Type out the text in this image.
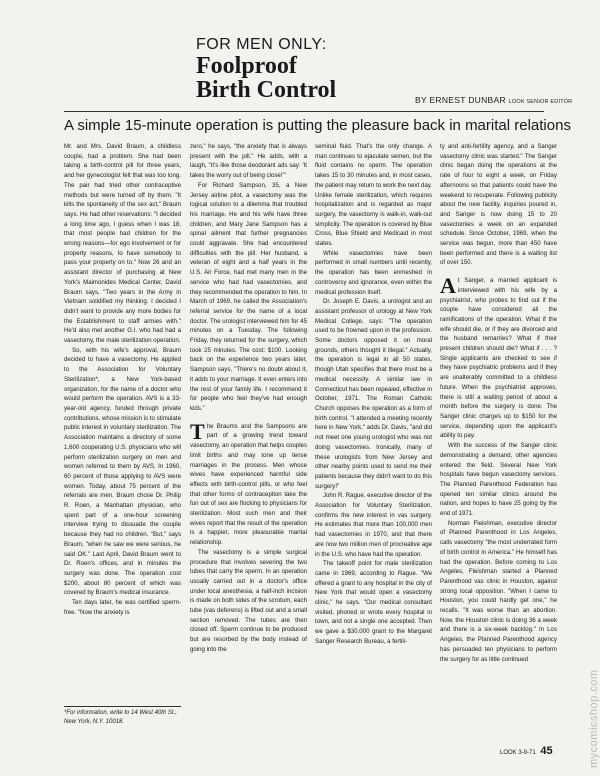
FOR MEN ONLY:
Foolproof
Birth Control	BY ERNEST DUNBAR LOOK SENIOR EDITOR
A simple 15-minute operation is putting the pleasure back in marital relations

Mr. and Mrs. David Braum, a childless couple, had a problem. She had been taking a birth-control pill for three years, and her gynecologist felt that was too long. The pair had tried other contraceptive methods but were turned off by them. "It kills the spontaneity of the sex act," Braum says. He had other reservations: "I decided a long time ago, I guess when I was 18, that most people had children for the wrong reasons—for ego involvement or for property reasons, to have somebody to pass your property on to." Now 26 and an assistant director of purchasing at New York's Maimonides Medical Center, David Braum says, "Two years in the Army in Vietnam solidified my thinking. I decided I didn't want to provide any more bodies for the Establishment to staff armies with." He'd also met another G.I. who had had a vasectomy, the male sterilization operation.

So, with his wife's approval, Braum decided to have a vasectomy. He applied to the Association for Voluntary Sterilization*, a New York-based organization, for the name of a doctor who would perform the operation. AVS is a 33-year-old agency, funded through private contributions, whose mission is to stimulate public interest in voluntary sterilization. The Association maintains a directory of some 1,600 cooperating U.S. physicians who will perform sterilization surgery on men and women referred to them by AVS. In 1960, 60 percent of those applying to AVS were women. Today, about 75 percent of the referrals are men. Braum chose Dr. Philip R. Roen, a Manhattan physician, who spent part of a one-hour screening interview trying to dissuade the couple because they had no children. "But," says Braum, "when he saw we were serious, he said OK." Last April, David Braum went to Dr. Roen's offices, and in minutes the surgery was done. The operation cost $200, about 80 percent of which was covered by Braum's medical insurance.

Ten days later, he was certified sperm-free. "Now the anxiety is

zero," he says, "the anxiety that is always present with the pill." He adds, with a laugh, "It's like those deodorant ads say: 'It takes the worry out of being close!'"

For Richard Sampson, 35, a New Jersey airline pilot, a vasectomy was the logical solution to a dilemma that troubled his marriage. He and his wife have three children, and Mary Jane Sampson has a spinal ailment that further pregnancies could aggravate. She had encountered difficulties with the pill. Her husband, a veteran of eight and a half years in the U.S. Air Force, had met many men in the service who had had vasectomies, and they recommended the operation to him. In March of 1969, he called the Association's referral service for the name of a local doctor. The urologist interviewed him for 45 minutes on a Tuesday. The following Friday, they returned for the surgery, which took 25 minutes. The cost: $100. Looking back on the experience two years later, Sampson says, "There's no doubt about it, it adds to your marriage. It even enters into the rest of your family life. I recommend it for people who feel they've had enough kids."

The Braums and the Sampsons are part of a growing trend toward vasectomy, an operation that helps couples limit births and may tone up tense marriages in the process. Men whose wives have experienced harmful side effects with birth-control pills, or who feel that other forms of contraception take the fun out of sex are flocking to physicians for sterilization. Most such men and their wives report that the result of the operation is a happier, more pleasurable marital relationship.

The vasectomy is a simple surgical procedure that involves severing the two tubes that carry the sperm. In an operation usually carried out in a doctor's office under local anesthesia, a half-inch incision is made on both sides of the scrotum, each tube (vas deferens) is lifted out and a small section removed. The tubes are then closed off. Sperm continue to be produced but are resorbed by the body instead of going into the

seminal fluid. That's the only change. A man continues to ejaculate semen, but the fluid contains no sperm. The operation takes 15 to 30 minutes and, in most cases, the patient may return to work the next day. Unlike female sterilization, which requires hospitalization and is regarded as major surgery, the vasectomy is walk-in, walk-out simplicity. The operation is covered by Blue Cross, Blue Shield and Medicaid in most states.

While vasectomies have been performed in small numbers until recently, the operation has been enmeshed in controversy and ignorance, even within the medical profession itself.

Dr. Joseph E. Davis, a urologist and an assistant professor of urology at New York Medical College, says: "The operation used to be frowned upon in the profession. Some doctors opposed it on moral grounds, others thought it illegal." Actually, the operation is legal in all 50 states, though Utah specifies that there must be a medical necessity. A similar law in Connecticut has been repealed, effective in October, 1971. The Roman Catholic Church opposes the operation as a form of birth control. "I attended a meeting recently here in New York," adds Dr. Davis, "and did not meet one young urologist who was not doing vasectomies. Ironically, many of these urologists from New Jersey and other nearby points used to send me their patients because they didn't want to do this surgery!"

John R. Rague, executive director of the Association for Voluntary Sterilization, confirms the new interest in vas surgery. He estimates that more than 100,000 men had vasectomies in 1970, and that there are now two million men of procreative age in the U.S. who have had the operation.

The takeoff point for male sterilization came in 1969, according to Rague. "We offered a grant to any hospital in the city of New York that would open a vasectomy clinic," he says. "Our medical consultant visited, phoned or wrote every hospital in town, and not a single one accepted. Then we gave a $30,000 grant to the Margaret Sanger Research Bureau, a fertili-

ty and anti-fertility agency, and a Sanger vasectomy clinic was started." The Sanger clinic began doing the operations at the rate of four to eight a week, on Friday afternoons so that patients could have the weekend to recuperate. Following publicity about the new facility, inquiries poured in, and Sanger is now doing 15 to 20 vasectomies a week on an expanded schedule. Since October, 1969, when the service was begun, more than 450 have been performed and there is a waiting list of over 150.

At Sanger, a married applicant is interviewed with his wife by a psychiatrist, who probes to find out if the couple have considered all the ramifications of the operation. What if the wife should die, or if they are divorced and the husband remarries? What if their present children should die? What if . . . ? Single applicants are checked to see if they have psychiatric problems and if they are unalterably committed to a childless future. When the psychiatrist approves, there is still a waiting period of about a month before the surgery is done. The Sanger clinic charges up to $150 for the service, depending upon the applicant's ability to pay.

With the success of the Sanger clinic demonstrating a demand, other agencies entered the field. Several New York hospitals have begun vasectomy services. The Planned Parenthood Federation has opened ten similar clinics around the nation, and hopes to have 25 going by the end of 1971.

Norman Fleishman, executive director of Planned Parenthood in Los Angeles, calls vasectomy "the most underrated form of birth control in America." He himself has had the operation. Before coming to Los Angeles, Fleishman started a Planned Parenthood vas clinic in Houston, against strong local opposition. "When I came to Houston, you could hardly get one," he recalls. "It was worse than an abortion. Now, the Houston clinic is doing 36 a week and there is a six-week backlog." In Los Angeles, the Planned Parenthood agency has persuaded ten physicians to perform the surgery for as little continued

*For information, write to 14 West 40th St., New York, N.Y. 10018.
LOOK 3-9-71 45	mycomicshop.com
